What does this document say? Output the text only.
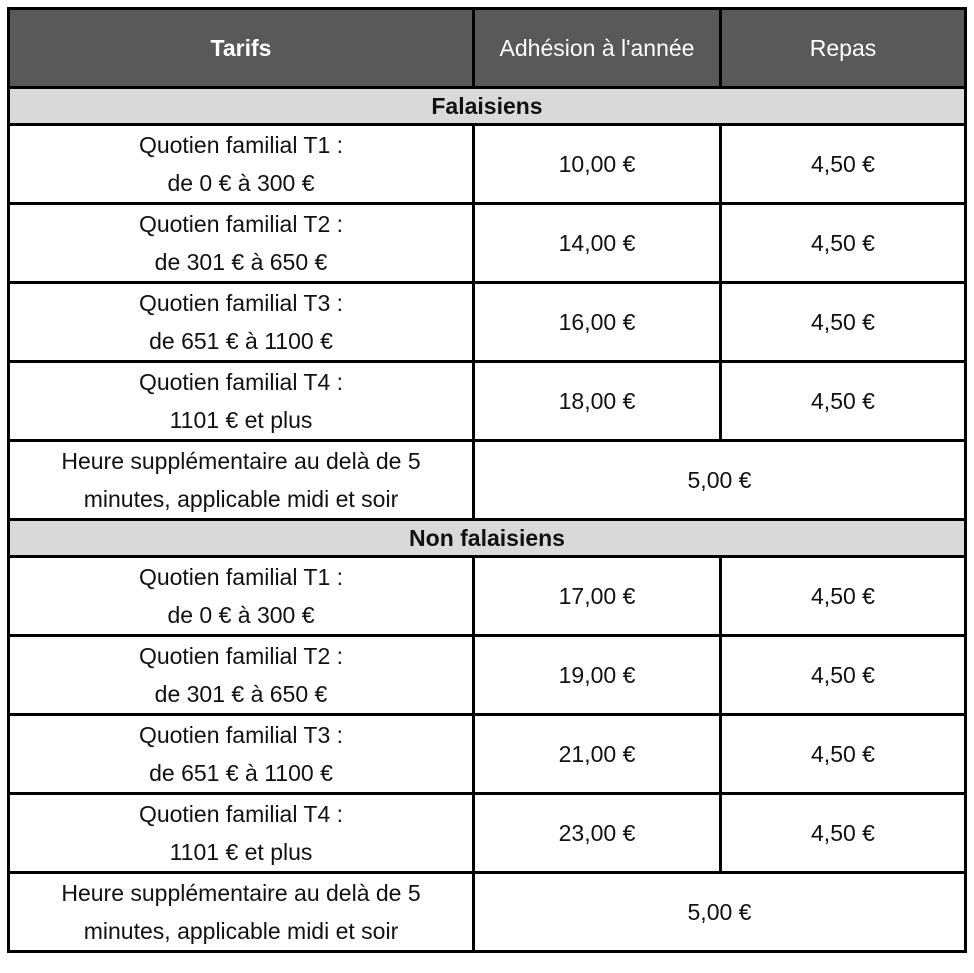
Tarifs	Adhésion à l'année	Repas
Falaisiens		
Quotien familial T1 :
de 0 € à 300 €	10,00 €	4,50 €
Quotien familial T2 :
de 301 € à 650 €	14,00 €	4,50 €
Quotien familial T3 :
de 651 € à 1100 €	16,00 €	4,50 €
Quotien familial T4 :
1101 € et plus	18,00 €	4,50 €
Heure supplémentaire au delà de 5
minutes, applicable midi et soir	5,00 €	
Non falaisiens		
Quotien familial T1 :
de 0 € à 300 €	17,00 €	4,50 €
Quotien familial T2 :
de 301 € à 650 €	19,00 €	4,50 €
Quotien familial T3 :
de 651 € à 1100 €	21,00 €	4,50 €
Quotien familial T4 :
1101 € et plus	23,00 €	4,50 €
Heure supplémentaire au delà de 5
minutes, applicable midi et soir	5,00 €	
